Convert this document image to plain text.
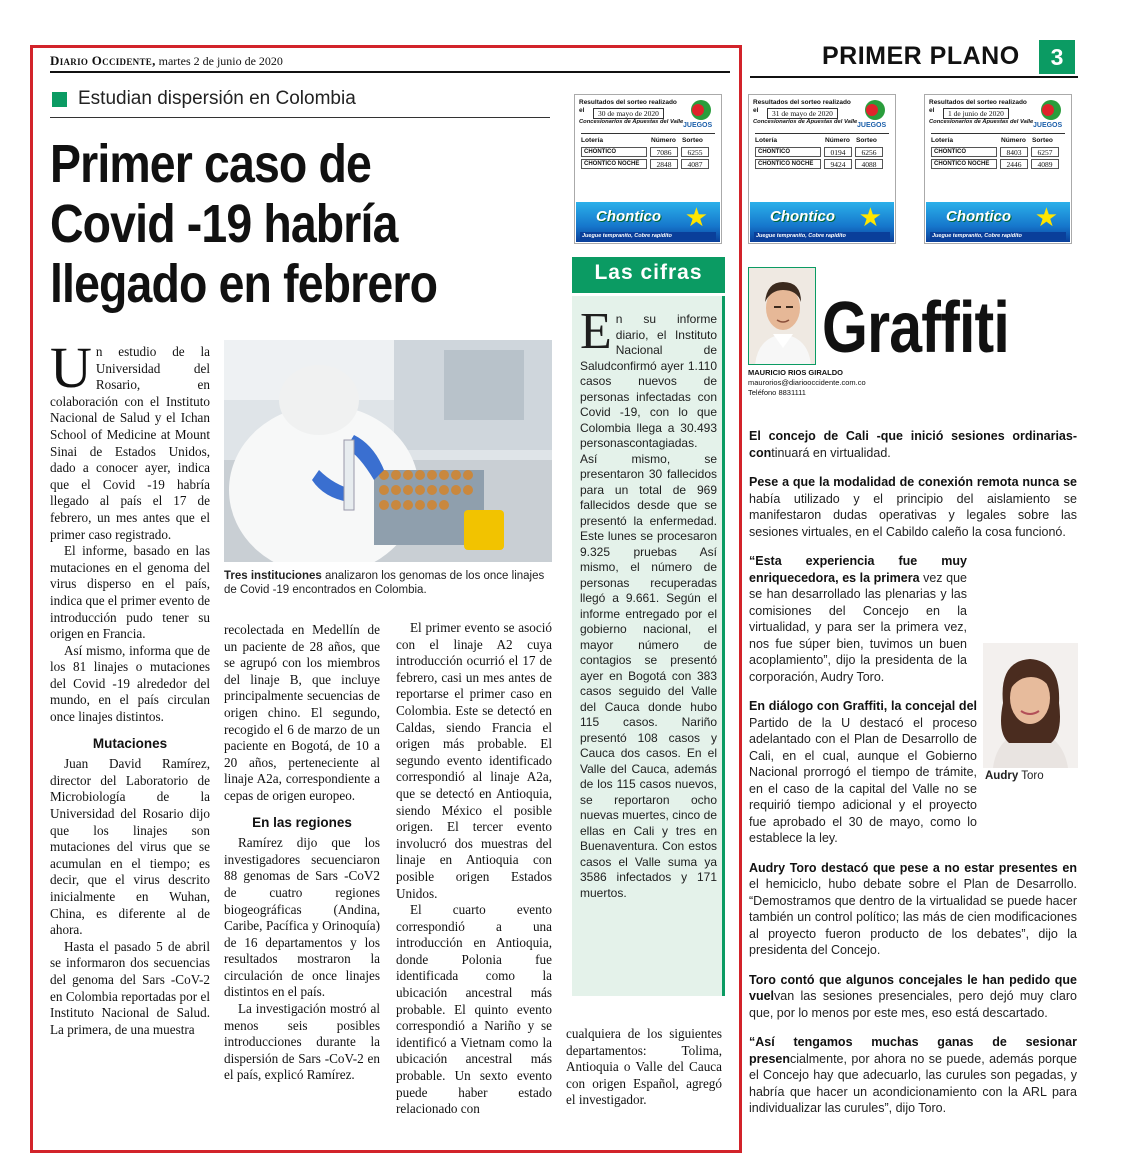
Diario Occidente, martes 2 de junio de 2020	PRIMER PLANO	3
Estudian dispersión en Colombia
Primer caso de
Covid -19 habría
llegado en febrero
Tres instituciones analizaron los genomas de los once linajes de Covid -19 encontrados en Colombia.

Un estudio de la Universidad del Rosario, en colaboración con el Instituto Nacional de Salud y el Ichan School of Medicine at Mount Sinai de Estados Unidos, dado a conocer ayer, indica que el Covid -19 habría llegado al país el 17 de febrero, un mes antes que el primer caso registrado.

El informe, basado en las mutaciones en el genoma del virus disperso en el país, indica que el primer evento de introducción pudo tener su origen en Francia.

Así mismo, informa que de los 81 linajes o mutaciones del Covid -19 alrededor del mundo, en el país circulan once linajes distintos.

Mutaciones

Juan David Ramírez, director del Laboratorio de Microbiología de la Universidad del Rosario dijo que los linajes son mutaciones del virus que se acumulan en el tiempo; es decir, que el virus descrito inicialmente en Wuhan, China, es diferente al de ahora.

Hasta el pasado 5 de abril se informaron dos secuencias del genoma del Sars -CoV-2 en Colombia reportadas por el Instituto Nacional de Salud. La primera, de una muestra

recolectada en Medellín de un paciente de 28 años, que se agrupó con los miembros del linaje B, que incluye principalmente secuencias de origen chino. El segundo, recogido el 6 de marzo de un paciente en Bogotá, de 10 a 20 años, perteneciente al linaje A2a, correspondiente a cepas de origen europeo.

En las regiones

Ramírez dijo que los investigadores secuenciaron 88 genomas de Sars -CoV2 de cuatro regiones biogeográficas (Andina, Caribe, Pacífica y Orinoquía) de 16 departamentos y los resultados mostraron la circulación de once linajes distintos en el país.

La investigación mostró al menos seis posibles introducciones durante la dispersión de Sars -CoV-2 en el país, explicó Ramírez.

El primer evento se asoció con el linaje A2 cuya introducción ocurrió el 17 de febrero, casi un mes antes de reportarse el primer caso en Colombia. Este se detectó en Caldas, siendo Francia el origen más probable. El segundo evento identificado correspondió al linaje A2a, que se detectó en Antioquia, siendo México el posible origen. El tercer evento involucró dos muestras del linaje en Antioquia con posible origen Estados Unidos.

El cuarto evento correspondió a una introducción en Antioquia, donde Polonia fue identificada como la ubicación ancestral más probable. El quinto evento correspondió a Nariño y se identificó a Vietnam como la ubicación ancestral más probable. Un sexto evento puede haber estado relacionado con

cualquiera de los siguientes departamentos: Tolima, Antioquia o Valle del Cauca con origen Español, agregó el investigador.

Resultados del sorteo realizado el	30 de mayo de 2020
Concesionarios de Apuestas del Valle JUEGOS
Lotería	Número Sorteo
CHONTICO	7086	6255
CHONTICO NOCHE	2848	4087
Chontico ★
Juegue tempranito, Cobre rapidito
Resultados del sorteo realizado el	31 de mayo de 2020
Concesionarios de Apuestas del Valle JUEGOS
Lotería	Número Sorteo
CHONTICO	0194	6256
CHONTICO NOCHE	9424	4088
Chontico ★
Juegue tempranito, Cobre rapidito
Resultados del sorteo realizado el	1 de junio de 2020
Concesionarios de Apuestas del Valle JUEGOS
Lotería	Número Sorteo
CHONTICO	8403	6257
CHONTICO NOCHE	2446	4089
Chontico ★
Juegue tempranito, Cobre rapidito
Las cifras
En su informe diario, el Instituto Nacional de Saludconfirmó ayer 1.110 casos nuevos de personas infectadas con Covid -19, con lo que Colombia llega a 30.493 personascontagiadas. Así mismo, se presentaron 30 fallecidos para un total de 969 fallecidos desde que se presentó la enfermedad. Este lunes se procesaron 9.325 pruebas Así mismo, el número de personas recuperadas llegó a 9.661. Según el informe entregado por el gobierno nacional, el mayor número de contagios se presentó ayer en Bogotá con 383 casos seguido del Valle del Cauca donde hubo 115 casos. Nariño presentó 108 casos y Cauca dos casos. En el Valle del Cauca, además de los 115 casos nuevos, se reportaron ocho nuevas muertes, cinco de ellas en Cali y tres en Buenaventura. Con estos casos el Valle suma ya 3586 infectados y 171 muertos.
Graffiti
MAURICIO RIOS GIRALDO
maurorios@diariooccidente.com.co
Teléfono 8831111

El concejo de Cali -que inició sesiones ordinarias- continuará en virtualidad.

Pese a que la modalidad de conexión remota nunca se había utilizado y el principio del aislamiento se manifestaron dudas operativas y legales sobre las sesiones virtuales, en el Cabildo caleño la cosa funcionó.

“Esta experiencia fue muy enriquecedora, es la primera vez que se han desarrollado las plenarias y las comisiones del Concejo en la virtualidad, y para ser la primera vez, nos fue súper bien, tuvimos un buen acoplamiento”, dijo la presidenta de la corporación, Audry Toro.

En diálogo con Graffiti, la concejal del Partido de la U destacó el proceso adelantado con el Plan de Desarrollo de Cali, en el cual, aunque el Gobierno Nacional prorrogó el tiempo de trámite, en el caso de la capital del Valle no se requirió tiempo adicional y el proyecto fue aprobado el 30 de mayo, como lo establece la ley.

Audry Toro destacó que pese a no estar presentes en el hemiciclo, hubo debate sobre el Plan de Desarrollo. “Demostramos que dentro de la virtualidad se puede hacer también un control político; las más de cien modificaciones al proyecto fueron producto de los debates”, dijo la presidenta del Concejo.

Toro contó que algunos concejales le han pedido que vuelvan las sesiones presenciales, pero dejó muy claro que, por lo menos por este mes, eso está descartado.

“Así tengamos muchas ganas de sesionar presencialmente, por ahora no se puede, además porque el Concejo hay que adecuarlo, las curules son pegadas, y habría que hacer un acondicionamiento con la ARL para individualizar las curules”, dijo Toro.

Audry Toro
